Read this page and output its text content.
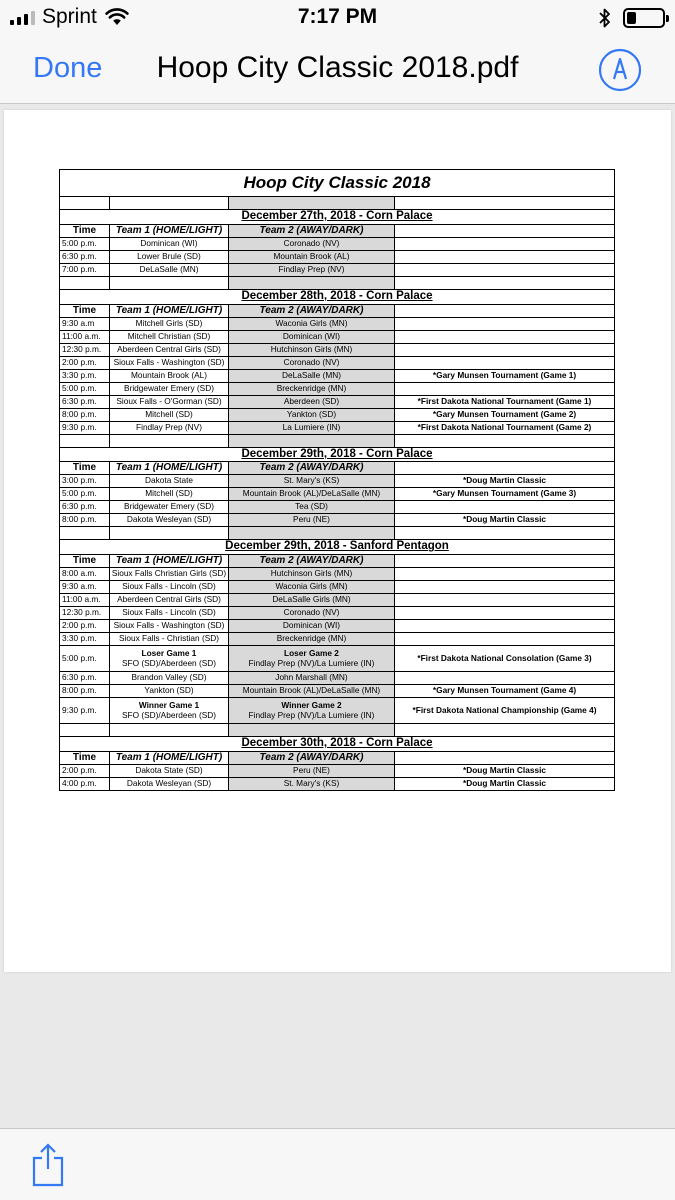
Sprint	7:17 PM
Done	Hoop City Classic 2018.pdf
Hoop City Classic 2018			

December 27th, 2018 - Corn Palace			
Time	Team 1 (HOME/LIGHT)	Team 2 (AWAY/DARK)	
5:00 p.m.	Dominican (WI)	Coronado (NV)	
6:30 p.m.	Lower Brule (SD)	Mountain Brook (AL)	
7:00 p.m.	DeLaSalle (MN)	Findlay Prep (NV)	

December 28th, 2018 - Corn Palace			
Time	Team 1 (HOME/LIGHT)	Team 2 (AWAY/DARK)	
9:30 a.m	Mitchell Girls (SD)	Waconia Girls (MN)	
11:00 a.m.	Mitchell Christian (SD)	Dominican (WI)	
12:30 p.m.	Aberdeen Central Girls (SD)	Hutchinson Girls (MN)	
2:00 p.m.	Sioux Falls - Washington (SD)	Coronado (NV)	
3:30 p.m.	Mountain Brook (AL)	DeLaSalle (MN)	*Gary Munsen Tournament (Game 1)
5:00 p.m.	Bridgewater Emery (SD)	Breckenridge (MN)	
6:30 p.m.	Sioux Falls - O'Gorman (SD)	Aberdeen (SD)	*First Dakota National Tournament (Game 1)
8:00 p.m.	Mitchell (SD)	Yankton (SD)	*Gary Munsen Tournament (Game 2)
9:30 p.m.	Findlay Prep (NV)	La Lumiere (IN)	*First Dakota National Tournament (Game 2)

December 29th, 2018 - Corn Palace			
Time	Team 1 (HOME/LIGHT)	Team 2 (AWAY/DARK)	
3:00 p.m.	Dakota State	St. Mary's (KS)	*Doug Martin Classic
5:00 p.m.	Mitchell (SD)	Mountain Brook (AL)/DeLaSalle (MN)	*Gary Munsen Tournament (Game 3)
6:30 p.m.	Bridgewater Emery (SD)	Tea (SD)	
8:00 p.m.	Dakota Wesleyan (SD)	Peru (NE)	*Doug Martin Classic

December 29th, 2018 - Sanford Pentagon			
Time	Team 1 (HOME/LIGHT)	Team 2 (AWAY/DARK)	
8:00 a.m.	Sioux Falls Christian Girls (SD)	Hutchinson Girls (MN)	
9:30 a.m.	Sioux Falls - Lincoln (SD)	Waconia Girls (MN)	
11:00 a.m.	Aberdeen Central Girls (SD)	DeLaSalle Girls (MN)	
12:30 p.m.	Sioux Falls - Lincoln (SD)	Coronado (NV)	
2:00 p.m.	Sioux Falls - Washington (SD)	Dominican (WI)	
3:30 p.m.	Sioux Falls - Christian (SD)	Breckenridge (MN)	
5:00 p.m.	Loser Game 1
SFO (SD)/Aberdeen (SD)	Loser Game 2
Findlay Prep (NV)/La Lumiere (IN)	*First Dakota National Consolation (Game 3)
6:30 p.m.	Brandon Valley (SD)	John Marshall (MN)	
8:00 p.m.	Yankton (SD)	Mountain Brook (AL)/DeLaSalle (MN)	*Gary Munsen Tournament (Game 4)
9:30 p.m.	Winner Game 1
SFO (SD)/Aberdeen (SD)	Winner Game 2
Findlay Prep (NV)/La Lumiere (IN)	*First Dakota National Championship (Game 4)

December 30th, 2018 - Corn Palace			
Time	Team 1 (HOME/LIGHT)	Team 2 (AWAY/DARK)	
2:00 p.m.	Dakota State (SD)	Peru (NE)	*Doug Martin Classic
4:00 p.m.	Dakota Wesleyan (SD)	St. Mary's (KS)	*Doug Martin Classic
